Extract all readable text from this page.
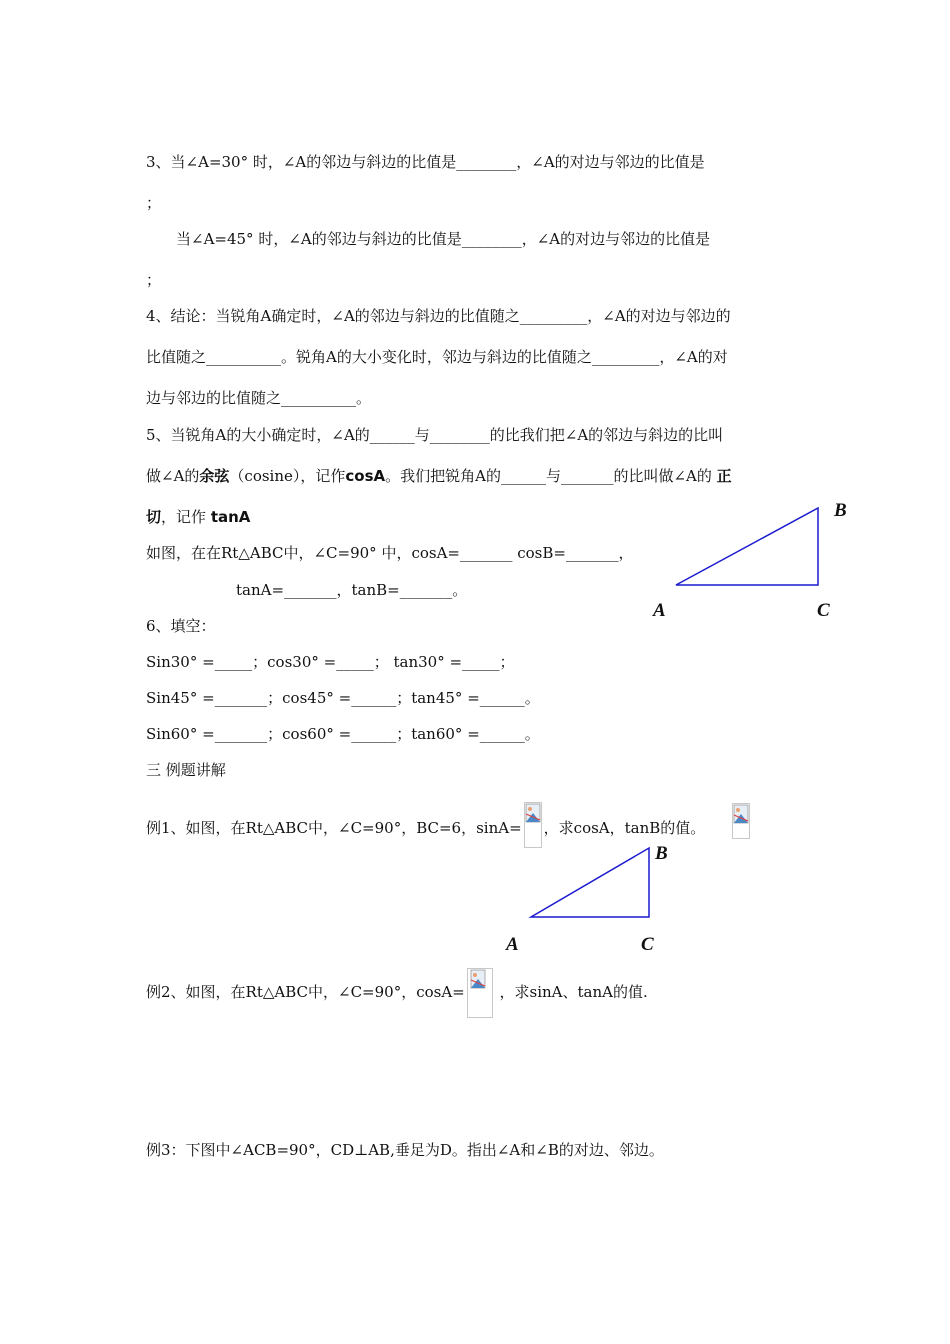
3、当∠A=30° 时，∠A的邻边与斜边的比值是________，∠A的对边与邻边的比值是
；
当∠A=45° 时，∠A的邻边与斜边的比值是________，∠A的对边与邻边的比值是
；
4、结论：当锐角A确定时，∠A的邻边与斜边的比值随之_________，∠A的对边与邻边的
比值随之__________。锐角A的大小变化时，邻边与斜边的比值随之_________，∠A的对
边与邻边的比值随之__________。
5、当锐角A的大小确定时，∠A的______与________的比我们把∠A的邻边与斜边的比叫
做∠A的余弦（cosine），记作cosA。我们把锐角A的______与_______的比叫做∠A的 正
切，记作 tanA
如图，在在Rt△ABC中，∠C=90° 中，cosA=_______ cosB=_______，
tanA=_______，tanB=_______。
B
A	C
6、填空：
Sin30° =_____；cos30° =_____； tan30° =_____；
Sin45° =_______；cos45° =______；tan45° =______。
Sin60° =_______；cos60° =______；tan60° =______。
三 例题讲解
例1、如图，在Rt△ABC中，∠C=90°，BC=6，sinA= ，求cosA，tanB的值。
B
A	C
例2、如图，在Rt△ABC中，∠C=90°，cosA= ，求sinA、tanA的值.
例3：下图中∠ACB=90°，CD⊥AB,垂足为D。指出∠A和∠B的对边、邻边。
